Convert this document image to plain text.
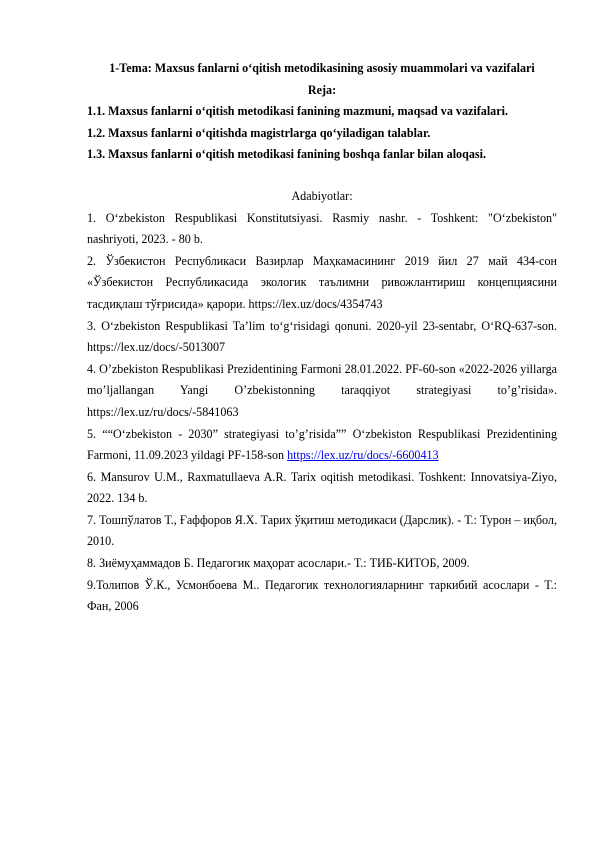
1-Tema: Maxsus fanlarni o‘qitish metodikasining asosiy muammolari va vazifalari

Reja:

1.1. Maxsus fanlarni o‘qitish metodikasi fanining mazmuni, maqsad va vazifalari.

1.2. Maxsus fanlarni o‘qitishda magistrlarga qo‘yiladigan talablar.

1.3. Maxsus fanlarni o‘qitish metodikasi fanining boshqa fanlar bilan aloqasi.

Adabiyotlar:

1. O‘zbekiston Respublikasi Konstitutsiyasi. Rasmiy nashr. - Toshkent: "O‘zbekiston" nashriyoti, 2023. - 80 b.

2. Ўзбекистон Республикаси Вазирлар Маҳкамасининг 2019 йил 27 май 434-сон «Ўзбекистон Республикасида экологик таълимни ривожлантириш концепциясини тасдиқлаш тўғрисида» қарори. https://lex.uz/docs/4354743

3. O‘zbekiston Respublikasi Ta’lim to‘g‘risidagi qonuni. 2020-yil 23-sentabr, O‘RQ-637-son. https://lex.uz/docs/-5013007

4. O’zbekiston Respublikasi Prezidentining Farmoni 28.01.2022. PF-60-son «2022-2026 yillarga mo’ljallangan Yangi O’zbekistonning taraqqiyot strategiyasi to’g’risida». https://lex.uz/ru/docs/-5841063

5. ““O‘zbekiston - 2030” strategiyasi to’g’risida”” O‘zbekiston Respublikasi Prezidentining Farmoni, 11.09.2023 yildagi PF-158-son https://lex.uz/ru/docs/-6600413

6. Mansurov U.M., Raxmatullaeva A.R. Tarix oqitish metodikasi. Toshkent: Innovatsiya-Ziyo, 2022. 134 b.

7. Тошпўлатов Т., Ғаффоров Я.Х. Тарих ўқитиш методикаси (Дарслик). - Т.: Турон – иқбол, 2010.

8. Зиёмуҳаммадов Б. Педагогик маҳорат асослари.- Т.: ТИБ-КИТОБ, 2009.

9.Толипов Ў.К., Усмонбоева М.. Педагогик технологияларнинг таркибий асослари - Т.: Фан, 2006
